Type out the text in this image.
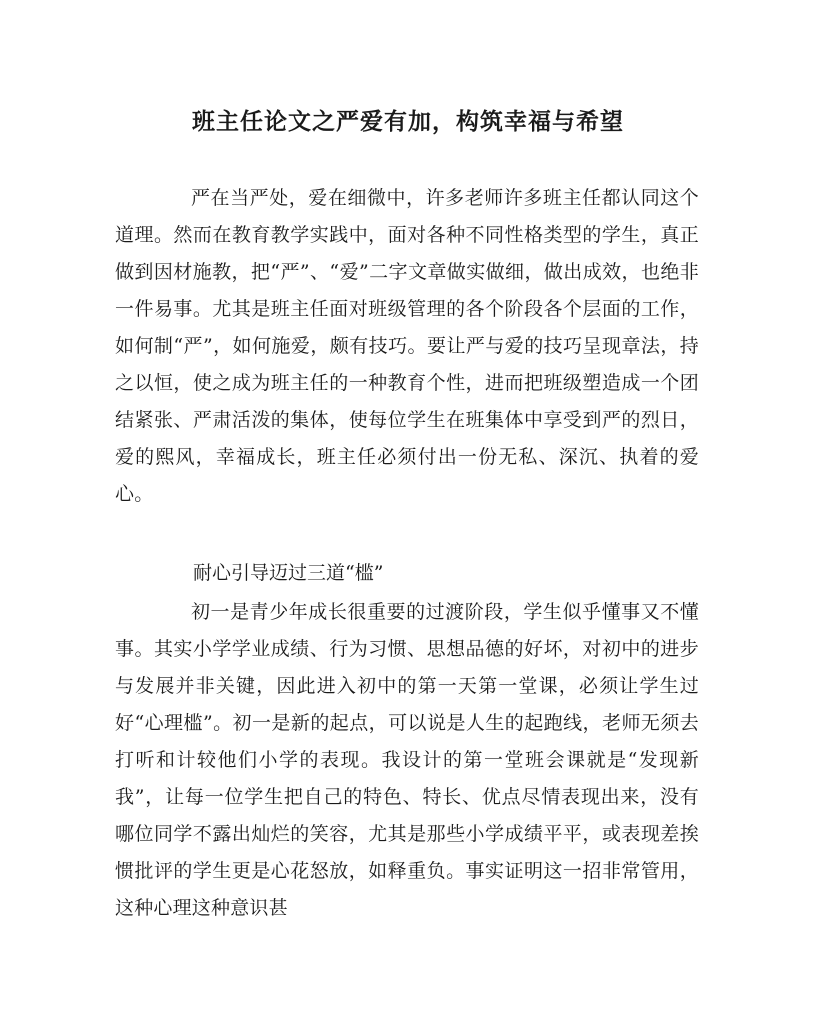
班主任论文之严爱有加，构筑幸福与希望

严在当严处，爱在细微中，许多老师许多班主任都认同这个道理。然而在教育教学实践中，面对各种不同性格类型的学生，真正做到因材施教，把“严”、“爱”二字文章做实做细，做出成效，也绝非一件易事。尤其是班主任面对班级管理的各个阶段各个层面的工作，如何制“严”，如何施爱，颇有技巧。要让严与爱的技巧呈现章法，持之以恒，使之成为班主任的一种教育个性，进而把班级塑造成一个团结紧张、严肃活泼的集体，使每位学生在班集体中享受到严的烈日，爱的熙风，幸福成长，班主任必须付出一份无私、深沉、执着的爱心。

耐心引导迈过三道“槛”

初一是青少年成长很重要的过渡阶段，学生似乎懂事又不懂事。其实小学学业成绩、行为习惯、思想品德的好坏，对初中的进步与发展并非关键，因此进入初中的第一天第一堂课，必须让学生过好“心理槛”。初一是新的起点，可以说是人生的起跑线，老师无须去打听和计较他们小学的表现。我设计的第一堂班会课就是“发现新我”，让每一位学生把自己的特色、特长、优点尽情表现出来，没有哪位同学不露出灿烂的笑容，尤其是那些小学成绩平平，或表现差挨惯批评的学生更是心花怒放，如释重负。事实证明这一招非常管用，这种心理这种意识甚
